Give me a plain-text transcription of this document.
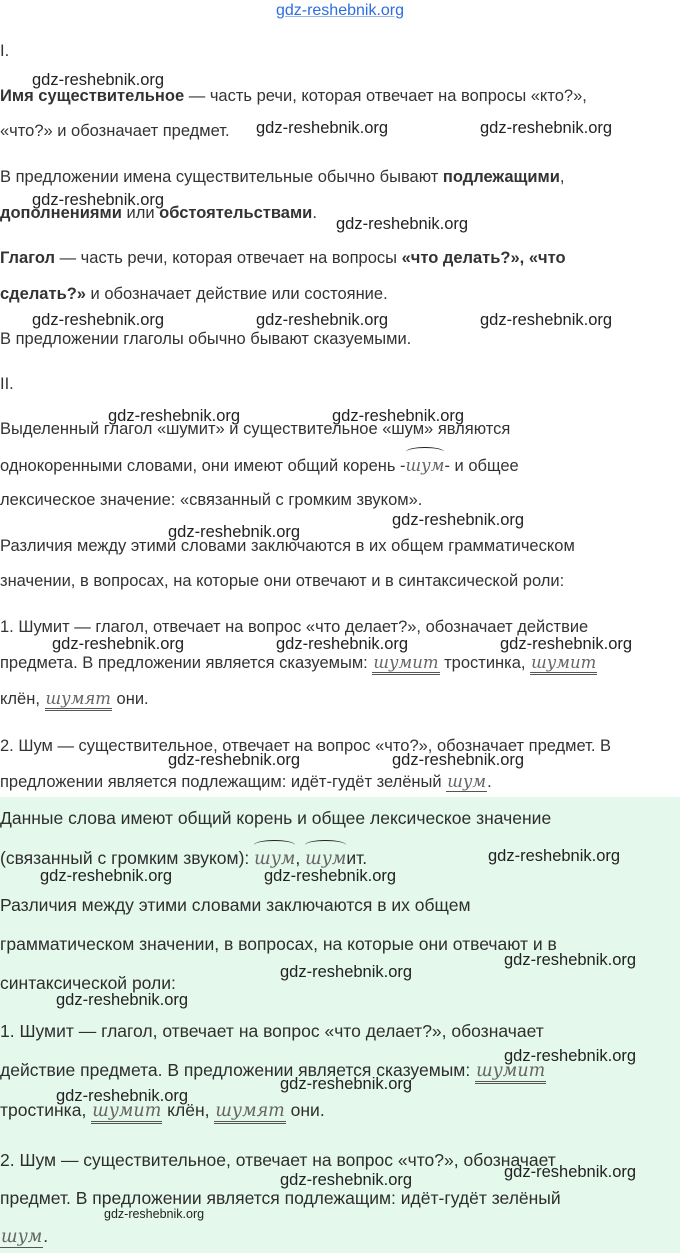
gdz-reshebnik.org
I.
Имя существительное — часть речи, которая отвечает на вопросы «кто?»,
«что?» и обозначает предмет.
В предложении имена существительные обычно бывают подлежащими,
дополнениями или обстоятельствами.
Глагол — часть речи, которая отвечает на вопросы «что делать?», «что
сделать?» и обозначает действие или состояние.
В предложении глаголы обычно бывают сказуемыми.
II.
Выделенный глагол «шумит» и существительное «шум» являются
однокоренными словами, они имеют общий корень -шум- и общее
лексическое значение: «связанный с громким звуком».
Различия между этими словами заключаются в их общем грамматическом
значении, в вопросах, на которые они отвечают и в синтаксической роли:
1. Шумит — глагол, отвечает на вопрос «что делает?», обозначает действие
предмета. В предложении является сказуемым: шумит тростинка, шумит
клён, шумят они.
2. Шум — существительное, отвечает на вопрос «что?», обозначает предмет. В
предложении является подлежащим: идёт-гудёт зелёный шум.
Данные слова имеют общий корень и общее лексическое значение
(связанный с громким звуком): шум, шумит.
Различия между этими словами заключаются в их общем
грамматическом значении, в вопросах, на которые они отвечают и в
синтаксической роли:
1. Шумит — глагол, отвечает на вопрос «что делает?», обозначает
действие предмета. В предложении является сказуемым: шумит
тростинка, шумит клён, шумят они.
2. Шум — существительное, отвечает на вопрос «что?», обозначает
предмет. В предложении является подлежащим: идёт-гудёт зелёный
шум.
gdz-reshebnik.org
gdz-reshebnik.org	gdz-reshebnik.org
gdz-reshebnik.org
gdz-reshebnik.org
gdz-reshebnik.org	gdz-reshebnik.org	gdz-reshebnik.org
gdz-reshebnik.org	gdz-reshebnik.org
gdz-reshebnik.org
gdz-reshebnik.org
gdz-reshebnik.org	gdz-reshebnik.org	gdz-reshebnik.org
gdz-reshebnik.org	gdz-reshebnik.org
gdz-reshebnik.org
gdz-reshebnik.org	gdz-reshebnik.org
gdz-reshebnik.org
gdz-reshebnik.org
gdz-reshebnik.org
gdz-reshebnik.org
gdz-reshebnik.org
gdz-reshebnik.org
gdz-reshebnik.org
gdz-reshebnik.org
gdz-reshebnik.org
